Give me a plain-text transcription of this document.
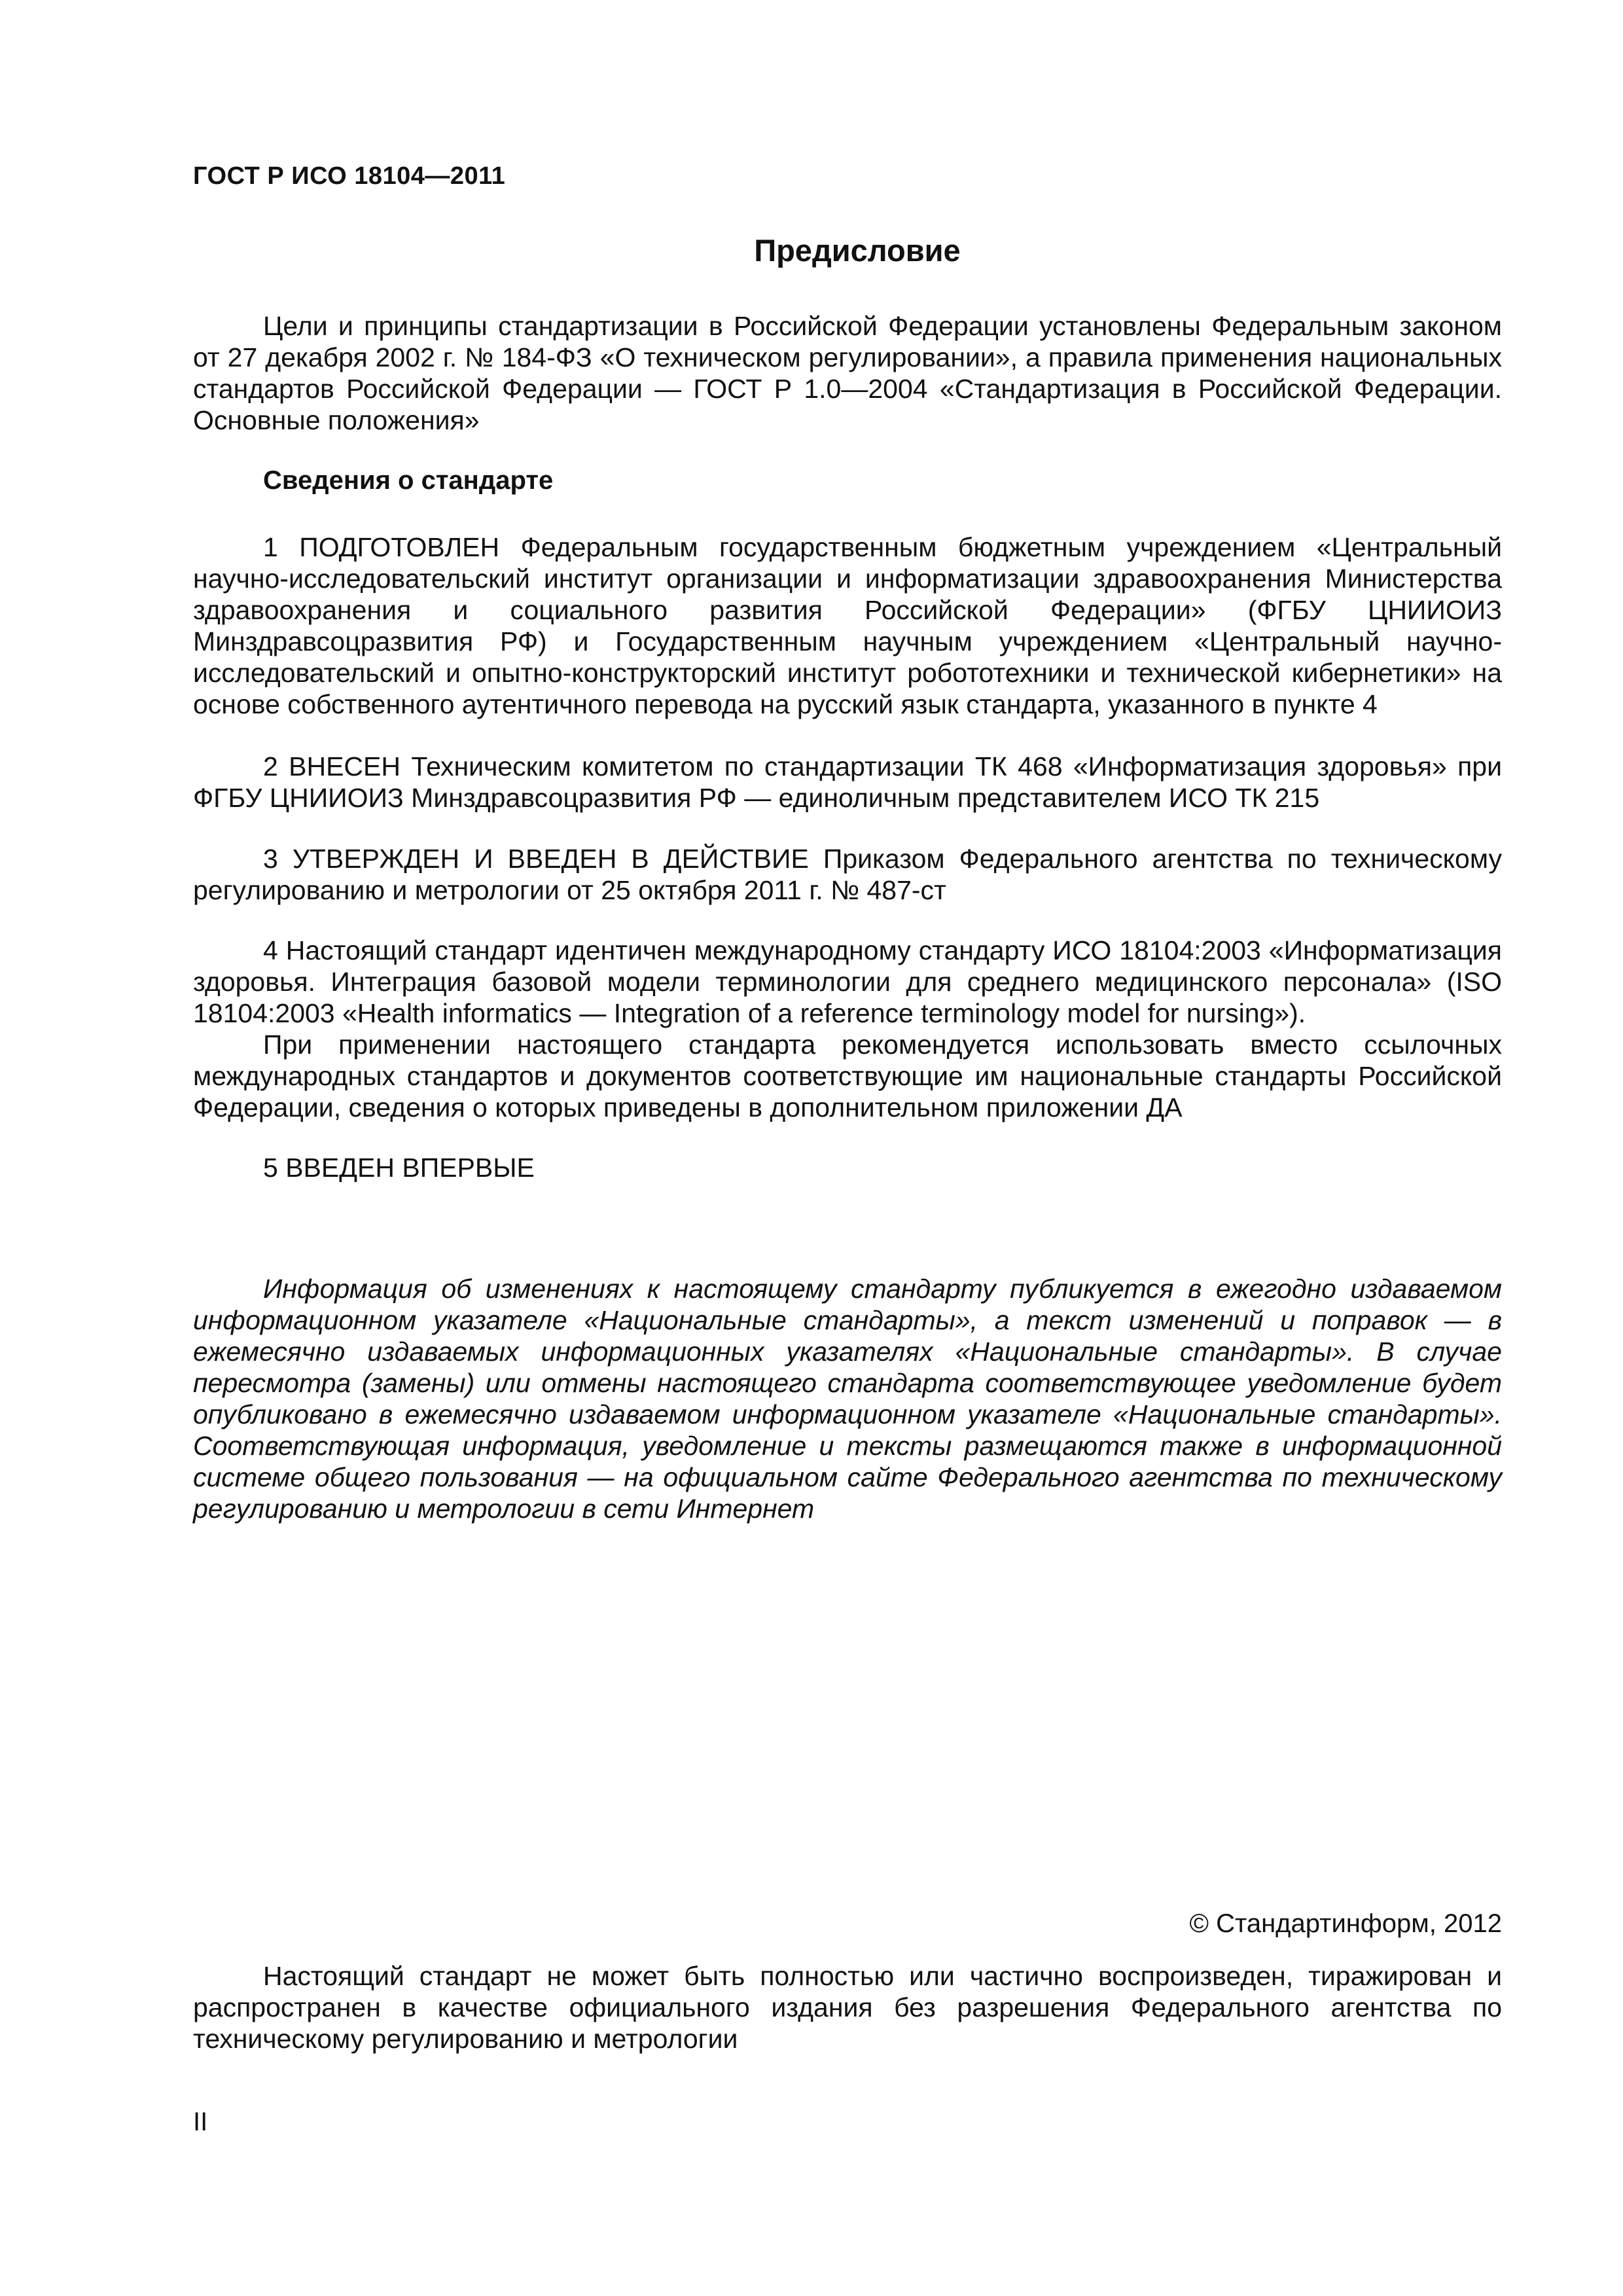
ГОСТ Р ИСО 18104—2011
Предисловие

Цели и принципы стандартизации в Российской Федерации установлены Федеральным законом от 27 декабря 2002 г. № 184-ФЗ «О техническом регулировании», а правила применения национальных стандартов Российской Федерации — ГОСТ Р 1.0—2004 «Стандартизация в Российской Федерации. Основные положения»

Сведения о стандарте

1 ПОДГОТОВЛЕН Федеральным государственным бюджетным учреждением «Центральный научно-исследовательский институт организации и информатизации здравоохранения Министерства здравоохранения и социального развития Российской Федерации» (ФГБУ ЦНИИОИЗ Минздравсоцразвития РФ) и Государственным научным учреждением «Центральный научно-исследовательский и опытно-конструкторский институт робототехники и технической кибернетики» на основе собственного аутентичного перевода на русский язык стандарта, указанного в пункте 4

2 ВНЕСЕН Техническим комитетом по стандартизации ТК 468 «Информатизация здоровья» при ФГБУ ЦНИИОИЗ Минздравсоцразвития РФ — единоличным представителем ИСО ТК 215

3 УТВЕРЖДЕН И ВВЕДЕН В ДЕЙСТВИЕ Приказом Федерального агентства по техническому регулированию и метрологии от 25 октября 2011 г. № 487-ст

4 Настоящий стандарт идентичен международному стандарту ИСО 18104:2003 «Информатизация здоровья. Интеграция базовой модели терминологии для среднего медицинского персонала» (ISO 18104:2003 «Health informatics — Integration of a reference terminology model for nursing»).

При применении настоящего стандарта рекомендуется использовать вместо ссылочных международных стандартов и документов соответствующие им национальные стандарты Российской Федерации, сведения о которых приведены в дополнительном приложении ДА

5 ВВЕДЕН ВПЕРВЫЕ

Информация об изменениях к настоящему стандарту публикуется в ежегодно издаваемом информационном указателе «Национальные стандарты», а текст изменений и поправок — в ежемесячно издаваемых информационных указателях «Национальные стандарты». В случае пересмотра (замены) или отмены настоящего стандарта соответствующее уведомление будет опубликовано в ежемесячно издаваемом информационном указателе «Национальные стандарты». Соответствующая информация, уведомление и тексты размещаются также в информационной системе общего пользования — на официальном сайте Федерального агентства по техническому регулированию и метрологии в сети Интернет

© Стандартинформ, 2012

Настоящий стандарт не может быть полностью или частично воспроизведен, тиражирован и распространен в качестве официального издания без разрешения Федерального агентства по техническому регулированию и метрологии

II
